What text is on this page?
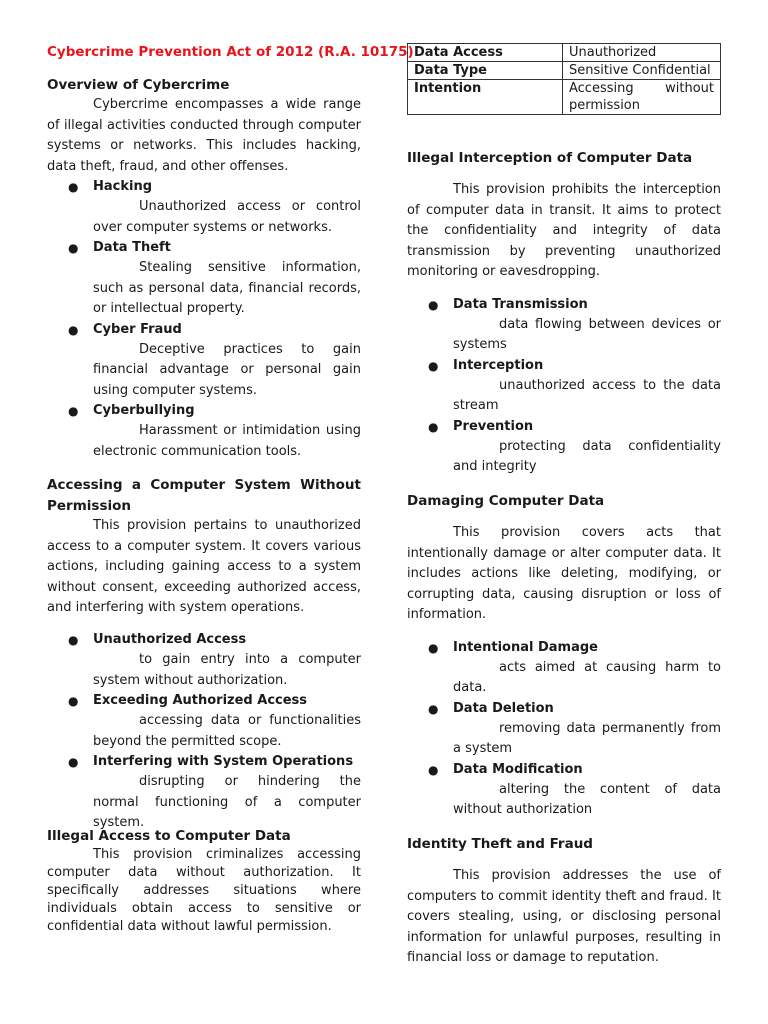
Cybercrime Prevention Act of 2012 (R.A. 10175)

Overview of Cybercrime

Cybercrime encompasses a wide range of illegal activities conducted through computer systems or networks. This includes hacking, data theft, fraud, and other offenses.

● Hacking

Unauthorized access or control over computer systems or networks.

● Data Theft

Stealing sensitive information, such as personal data, financial records, or intellectual property.

● Cyber Fraud

Deceptive practices to gain financial advantage or personal gain using computer systems.

● Cyberbullying

Harassment or intimidation using electronic communication tools.

Accessing a Computer System Without Permission

This provision pertains to unauthorized access to a computer system. It covers various actions, including gaining access to a system without consent, exceeding authorized access, and interfering with system operations.

● Unauthorized Access

to gain entry into a computer system without authorization.

● Exceeding Authorized Access

accessing data or functionalities beyond the permitted scope.

● Interfering with System Operations

disrupting or hindering the normal functioning of a computer system.

Illegal Access to Computer Data

This provision criminalizes accessing computer data without authorization. It specifically addresses situations where individuals obtain access to sensitive or confidential data without lawful permission.

Data Access	Unauthorized
Data Type	Sensitive Confidential
Intention	Accessing without permission

Illegal Interception of Computer Data

This provision prohibits the interception of computer data in transit. It aims to protect the confidentiality and integrity of data transmission by preventing unauthorized monitoring or eavesdropping.

● Data Transmission

data flowing between devices or systems

● Interception

unauthorized access to the data stream

● Prevention

protecting data confidentiality and integrity

Damaging Computer Data

This provision covers acts that intentionally damage or alter computer data. It includes actions like deleting, modifying, or corrupting data, causing disruption or loss of information.

● Intentional Damage

acts aimed at causing harm to data.

● Data Deletion

removing data permanently from a system

● Data Modification

altering the content of data without authorization

Identity Theft and Fraud

This provision addresses the use of computers to commit identity theft and fraud. It covers stealing, using, or disclosing personal information for unlawful purposes, resulting in financial loss or damage to reputation.
